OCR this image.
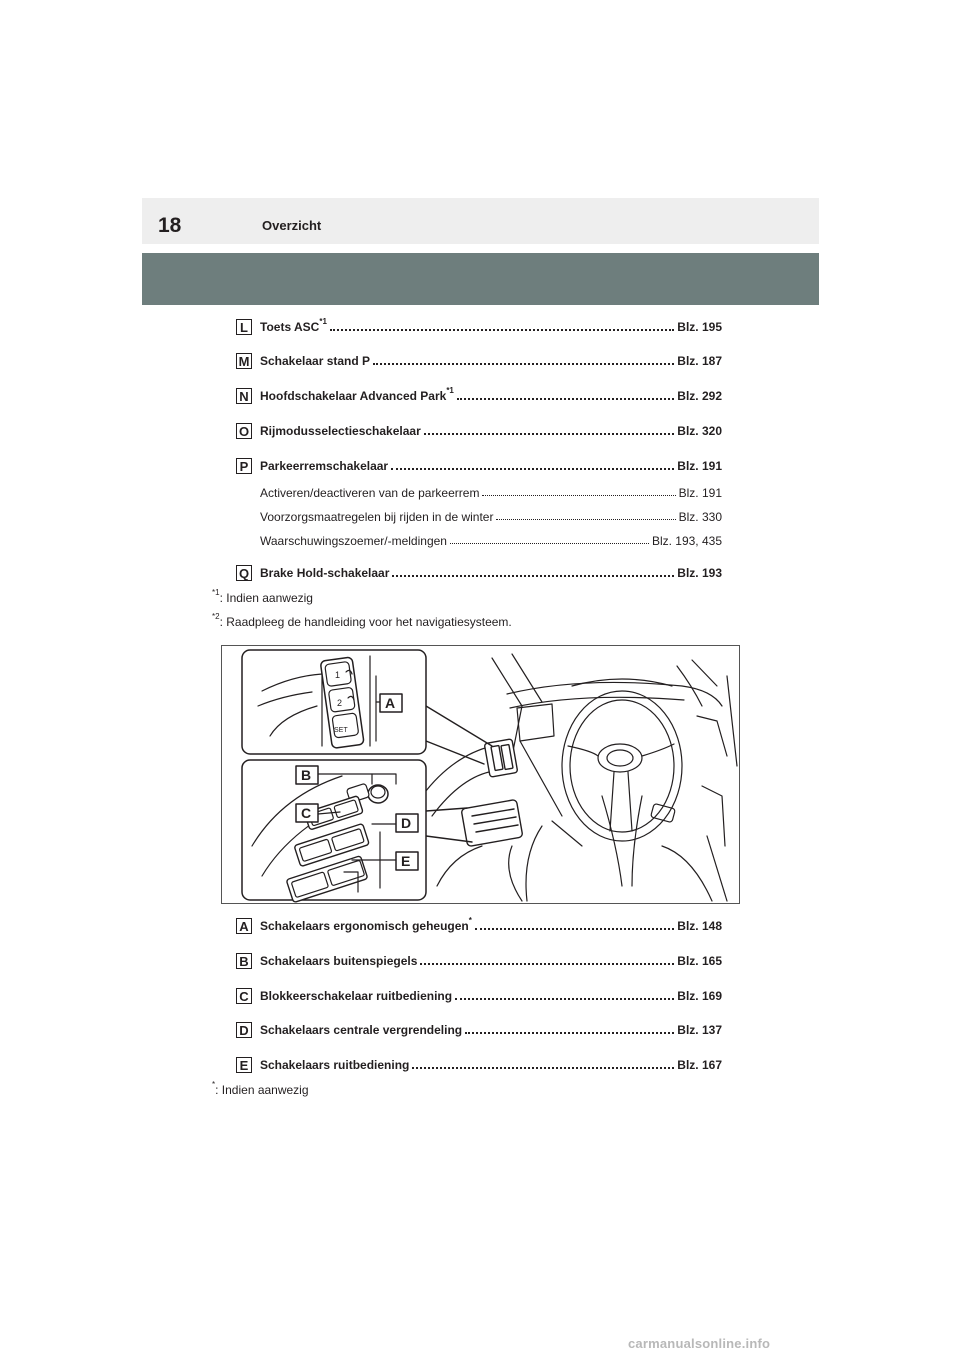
18	Overzicht
L	Toets ASC$^{*1}$	Blz. 195
M Schakelaar stand P	Blz. 187
N Hoofdschakelaar Advanced Park$^{*1}$	Blz. 292
O Rijmodusselectieschakelaar	Blz. 320
P Parkeerremschakelaar	Blz. 191
Activeren/deactiveren van de parkeerrem	Blz. 191
Voorzorgsmaatregelen bij rijden in de winter	Blz. 330
Waarschuwingszoemer/-meldingen	Blz. 193, 435
Q Brake Hold-schakelaar	Blz. 193
$^{*1}$: Indien aanwezig
$^{*2}$: Raadpleeg de handleiding voor het navigatiesysteem.
1
2
SET
A
B
C
D
E
A Schakelaars ergonomisch geheugen*	Blz. 148
B Schakelaars buitenspiegels	Blz. 165
C Blokkeerschakelaar ruitbediening	Blz. 169
D Schakelaars centrale vergrendeling	Blz. 137
E Schakelaars ruitbediening	Blz. 167
*: Indien aanwezig
carmanualsonline.info
